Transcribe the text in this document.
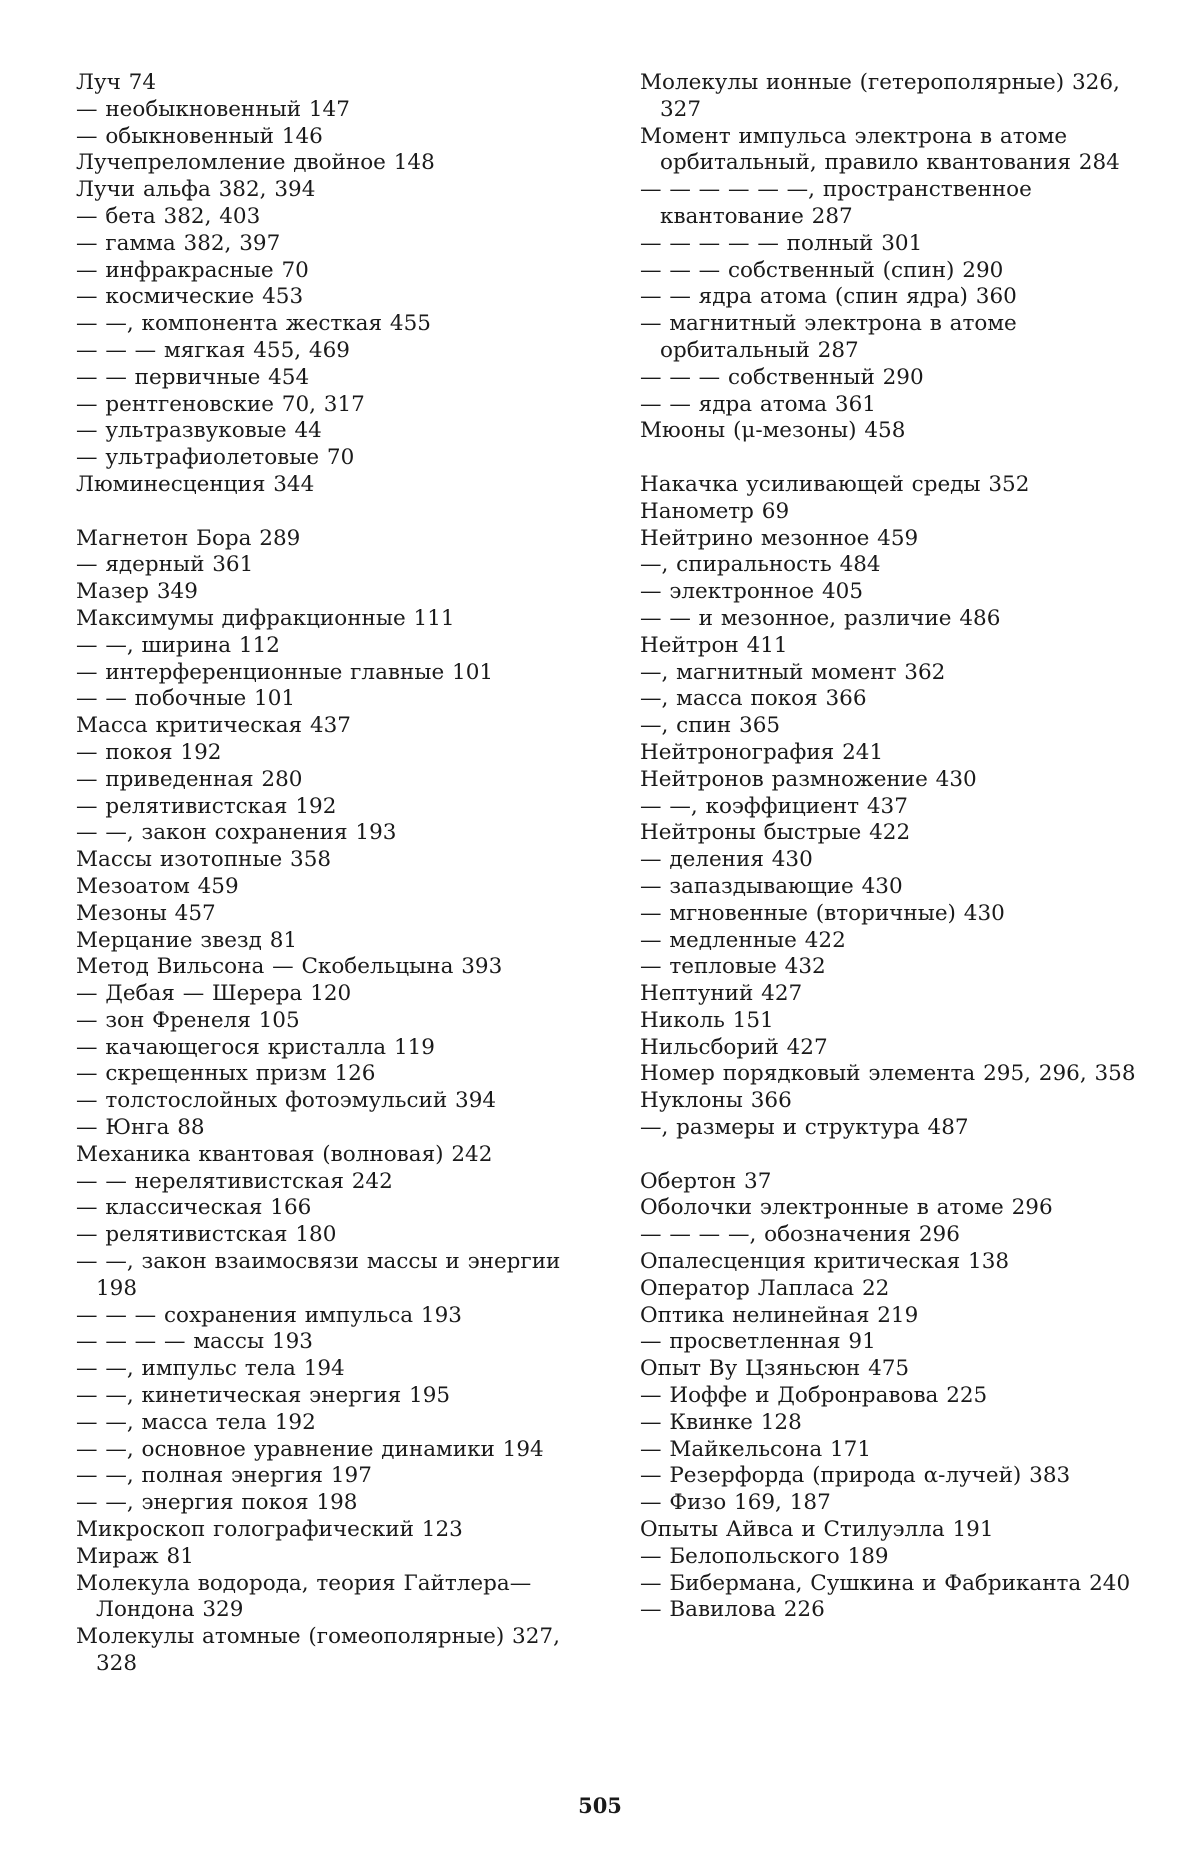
Луч 74
— необыкновенный 147
— обыкновенный 146
Лучепреломление двойное 148
Лучи альфа 382, 394
— бета 382, 403
— гамма 382, 397
— инфракрасные 70
— космические 453
— —, компонента жесткая 455
— — — мягкая 455, 469
— — первичные 454
— рентгеновские 70, 317
— ультразвуковые 44
— ультрафиолетовые 70
Люминесценция 344
Магнетон Бора 289
— ядерный 361
Мазер 349
Максимумы дифракционные 111
— —, ширина 112
— интерференционные главные 101
— — побочные 101
Масса критическая 437
— покоя 192
— приведенная 280
— релятивистская 192
— —, закон сохранения 193
Массы изотопные 358
Мезоатом 459
Мезоны 457
Мерцание звезд 81
Метод Вильсона — Скобельцына 393
— Дебая — Шерера 120
— зон Френеля 105
— качающегося кристалла 119
— скрещенных призм 126
— толстослойных фотоэмульсий 394
— Юнга 88
Механика квантовая (волновая) 242
— — нерелятивистская 242
— классическая 166
— релятивистская 180
— —, закон взаимосвязи массы и энергии 198
— — — сохранения импульса 193
— — — — массы 193
— —, импульс тела 194
— —, кинетическая энергия 195
— —, масса тела 192
— —, основное уравнение динамики 194
— —, полная энергия 197
— —, энергия покоя 198
Микроскоп голографический 123
Мираж 81
Молекула водорода, теория Гайтлера—Лондона 329
Молекулы атомные (гомеополярные) 327, 328
Молекулы ионные (гетерополярные) 326, 327
Момент импульса электрона в атоме орбитальный, правило квантования 284
— — — — — —, пространственное квантование 287
— — — — — полный 301
— — — собственный (спин) 290
— — ядра атома (спин ядра) 360
— магнитный электрона в атоме орбитальный 287
— — — собственный 290
— — ядра атома 361
Мюоны (μ-мезоны) 458
Накачка усиливающей среды 352
Нанометр 69
Нейтрино мезонное 459
—, спиральность 484
— электронное 405
— — и мезонное, различие 486
Нейтрон 411
—, магнитный момент 362
—, масса покоя 366
—, спин 365
Нейтронография 241
Нейтронов размножение 430
— —, коэффициент 437
Нейтроны быстрые 422
— деления 430
— запаздывающие 430
— мгновенные (вторичные) 430
— медленные 422
— тепловые 432
Нептуний 427
Николь 151
Нильсборий 427
Номер порядковый элемента 295, 296, 358
Нуклоны 366
—, размеры и структура 487
Обертон 37
Оболочки электронные в атоме 296
— — — —, обозначения 296
Опалесценция критическая 138
Оператор Лапласа 22
Оптика нелинейная 219
— просветленная 91
Опыт Ву Цзяньсюн 475
— Иоффе и Добронравова 225
— Квинке 128
— Майкельсона 171
— Резерфорда (природа α-лучей) 383
— Физо 169, 187
Опыты Айвса и Стилуэлла 191
— Белопольского 189
— Бибермана, Сушкина и Фабриканта 240
— Вавилова 226
505
